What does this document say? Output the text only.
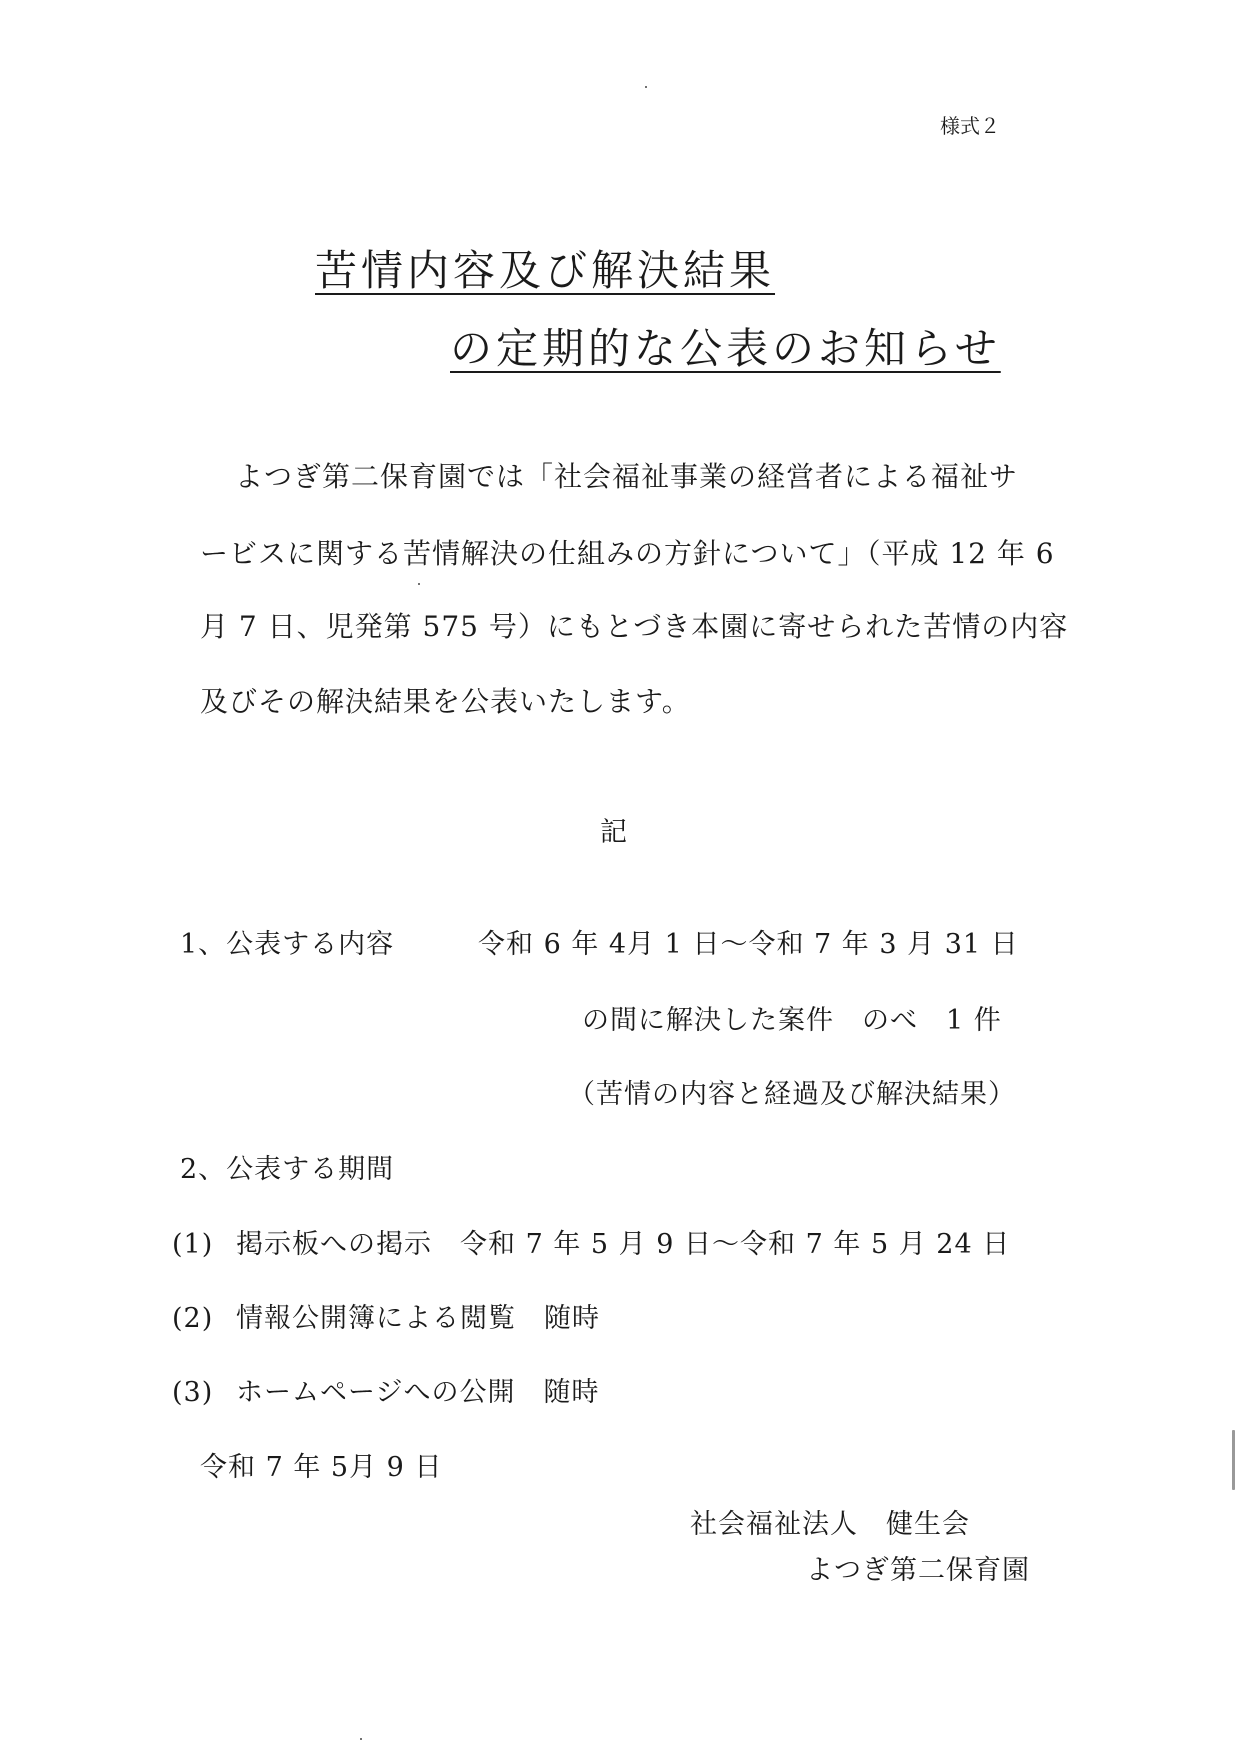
様式２
苦情内容及び解決結果
の定期的な公表のお知らせ
よつぎ第二保育園では「社会福祉事業の経営者による福祉サ
ービスに関する苦情解決の仕組みの方針について」（平成 12 年 6
月 7 日、児発第 575 号）にもとづき本園に寄せられた苦情の内容
及びその解決結果を公表いたします。
記
1、公表する内容	令和 6 年 4月 1 日～令和 7 年 3 月 31 日
の間に解決した案件　のべ　1 件
（苦情の内容と経過及び解決結果）
2、公表する期間
(1) 掲示板への掲示　令和 7 年 5 月 9 日～令和 7 年 5 月 24 日
(2) 情報公開簿による閲覧　随時
(3) ホームページへの公開　随時
令和 7 年 5月 9 日
社会福祉法人　健生会
よつぎ第二保育園
